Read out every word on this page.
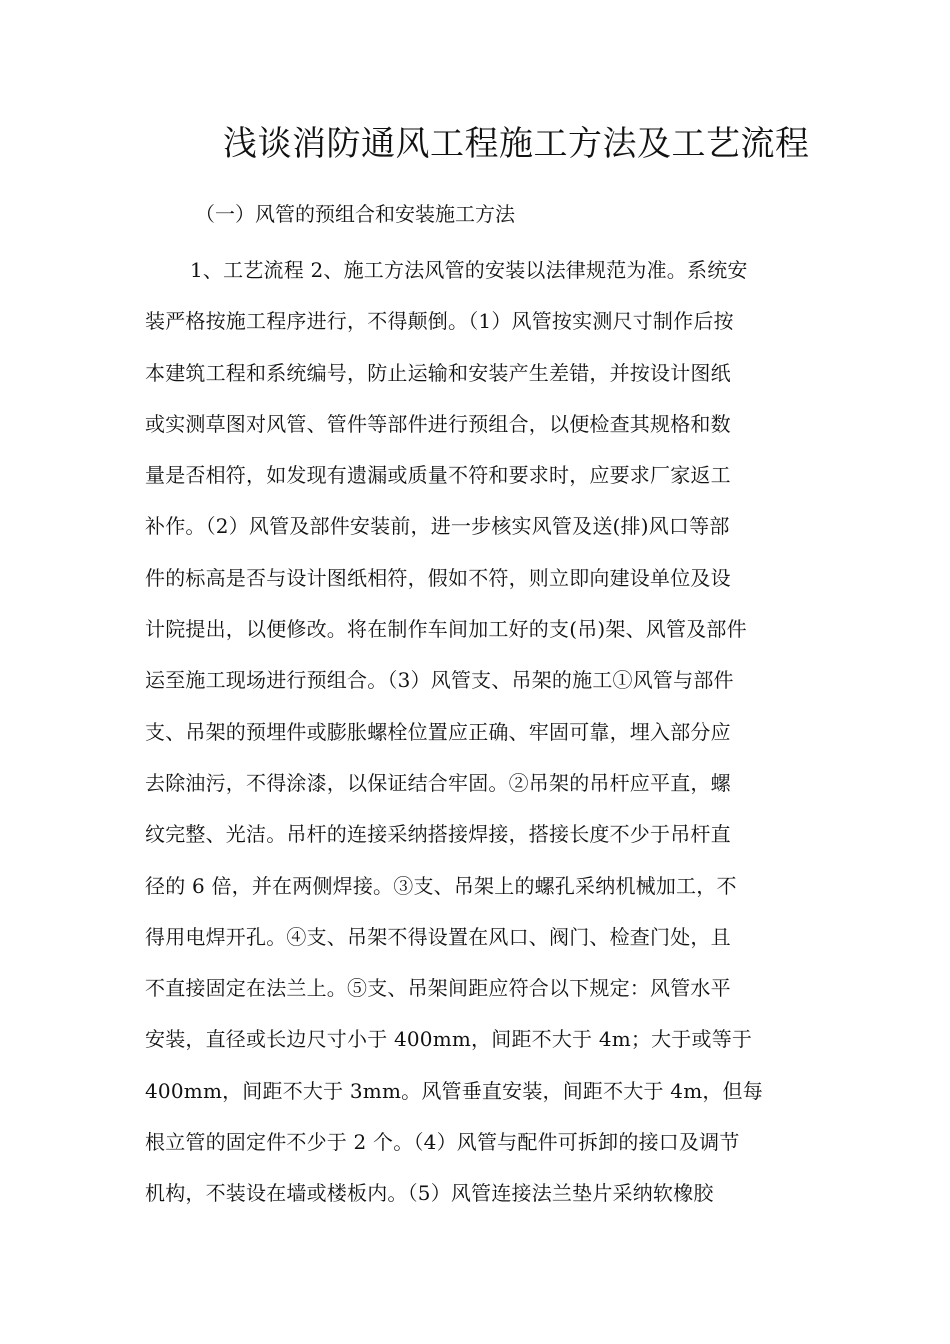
浅谈消防通风工程施工方法及工艺流程
（一）风管的预组合和安装施工方法
1、工艺流程 2、施工方法风管的安装以法律规范为准。系统安
装严格按施工程序进行，不得颠倒。（1）风管按实测尺寸制作后按
本建筑工程和系统编号，防止运输和安装产生差错，并按设计图纸
或实测草图对风管、管件等部件进行预组合，以便检查其规格和数
量是否相符，如发现有遗漏或质量不符和要求时，应要求厂家返工
补作。（2）风管及部件安装前，进一步核实风管及送(排)风口等部
件的标高是否与设计图纸相符，假如不符，则立即向建设单位及设
计院提出，以便修改。将在制作车间加工好的支(吊)架、风管及部件
运至施工现场进行预组合。（3）风管支、吊架的施工①风管与部件
支、吊架的预埋件或膨胀螺栓位置应正确、牢固可靠，埋入部分应
去除油污，不得涂漆，以保证结合牢固。②吊架的吊杆应平直，螺
纹完整、光洁。吊杆的连接采纳搭接焊接，搭接长度不少于吊杆直
径的 6 倍，并在两侧焊接。③支、吊架上的螺孔采纳机械加工，不
得用电焊开孔。④支、吊架不得设置在风口、阀门、检查门处，且
不直接固定在法兰上。⑤支、吊架间距应符合以下规定：风管水平
安装，直径或长边尺寸小于 400mm，间距不大于 4m；大于或等于
400mm，间距不大于 3mm。风管垂直安装，间距不大于 4m，但每
根立管的固定件不少于 2 个。（4）风管与配件可拆卸的接口及调节
机构，不装设在墙或楼板内。（5）风管连接法兰垫片采纳软橡胶
